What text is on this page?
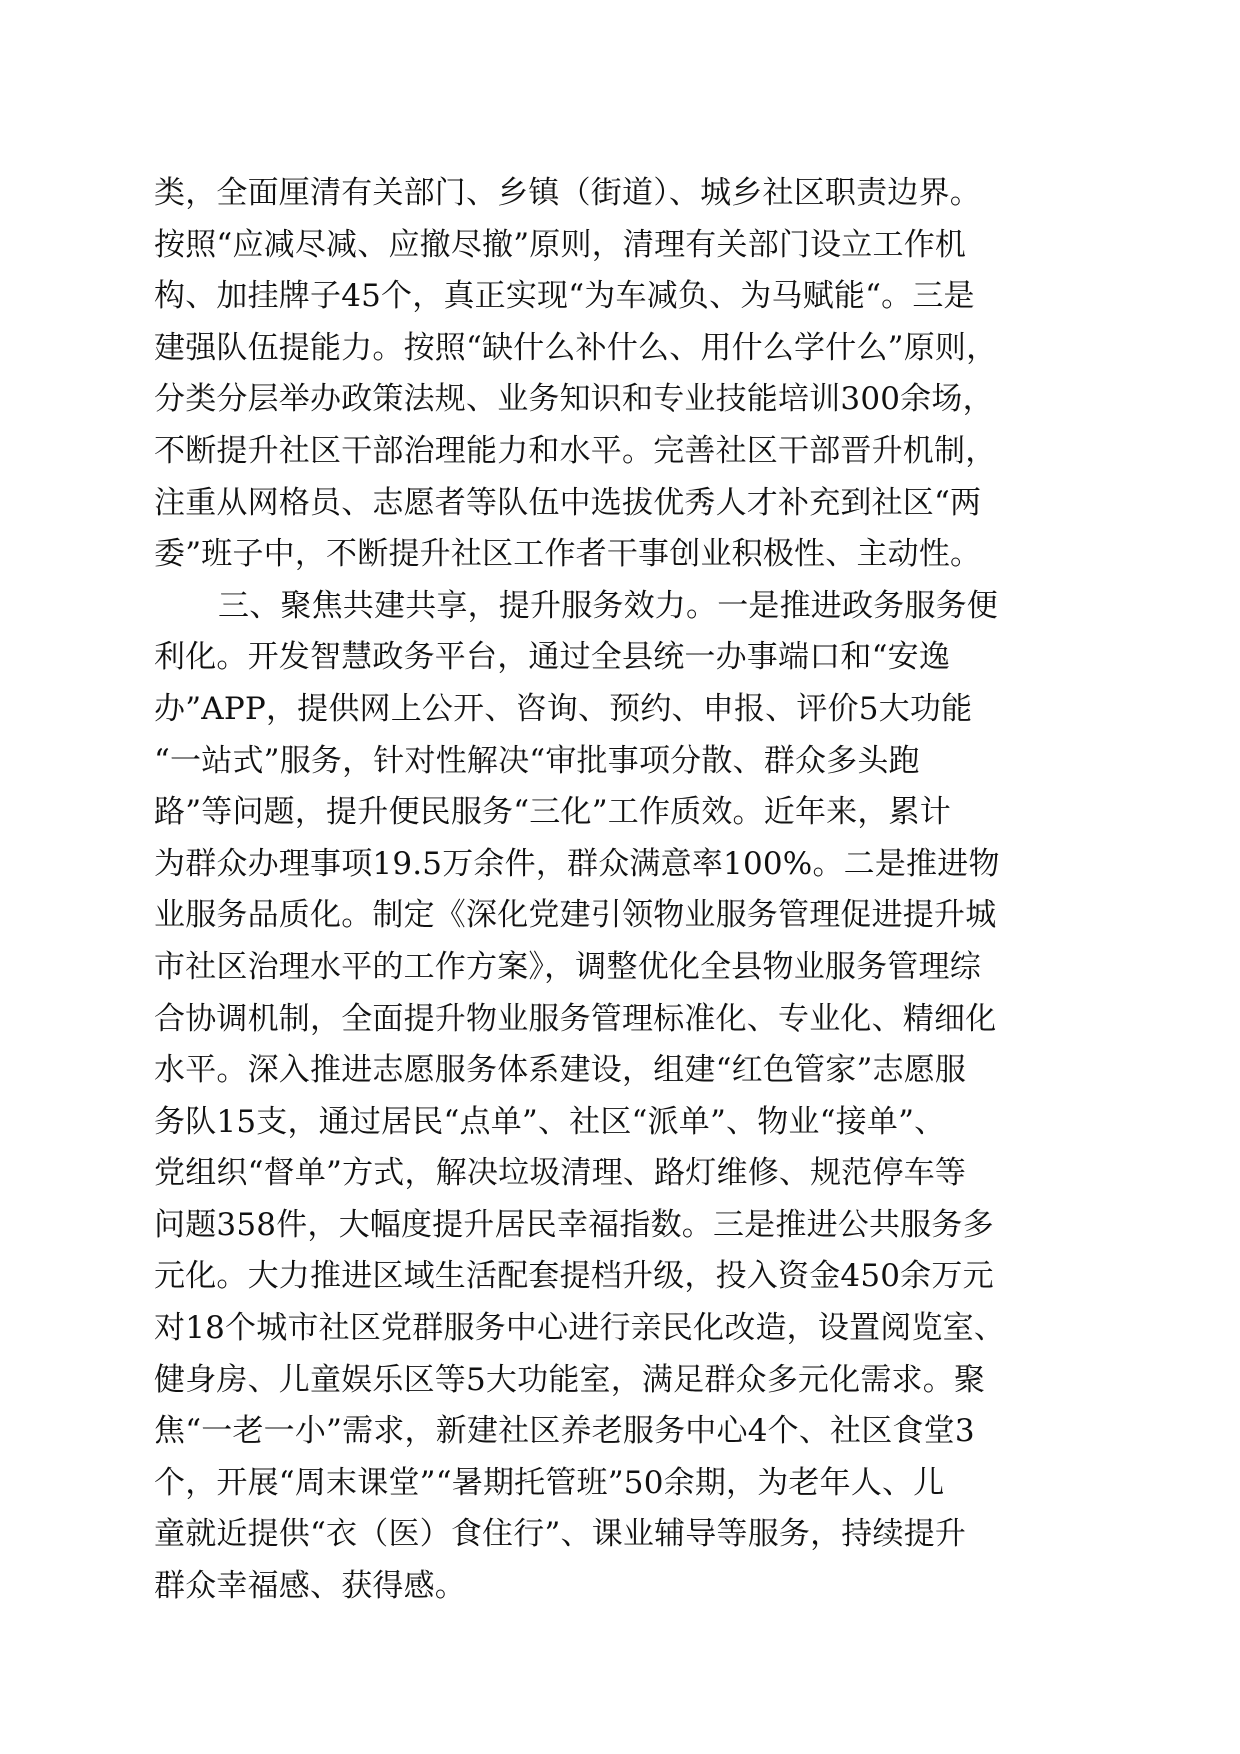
类，全面厘清有关部门、乡镇（街道）、城乡社区职责边界。
按照“应减尽减、应撤尽撤”原则，清理有关部门设立工作机
构、加挂牌子45个，真正实现“为车减负、为马赋能“。三是
建强队伍提能力。按照“缺什么补什么、用什么学什么”原则，
分类分层举办政策法规、业务知识和专业技能培训300余场，
不断提升社区干部治理能力和水平。完善社区干部晋升机制，
注重从网格员、志愿者等队伍中选拔优秀人才补充到社区“两
委”班子中，不断提升社区工作者干事创业积极性、主动性。
三、聚焦共建共享，提升服务效力。一是推进政务服务便
利化。开发智慧政务平台，通过全县统一办事端口和“安逸
办”APP，提供网上公开、咨询、预约、申报、评价5大功能
“一站式”服务，针对性解决“审批事项分散、群众多头跑
路”等问题，提升便民服务“三化”工作质效。近年来，累计
为群众办理事项19.5万余件，群众满意率100%。二是推进物
业服务品质化。制定《深化党建引领物业服务管理促进提升城
市社区治理水平的工作方案》，调整优化全县物业服务管理综
合协调机制，全面提升物业服务管理标准化、专业化、精细化
水平。深入推进志愿服务体系建设，组建“红色管家”志愿服
务队15支，通过居民“点单”、社区“派单”、物业“接单”、
党组织“督单”方式，解决垃圾清理、路灯维修、规范停车等
问题358件，大幅度提升居民幸福指数。三是推进公共服务多
元化。大力推进区域生活配套提档升级，投入资金450余万元
对18个城市社区党群服务中心进行亲民化改造，设置阅览室、
健身房、儿童娱乐区等5大功能室，满足群众多元化需求。聚
焦“一老一小”需求，新建社区养老服务中心4个、社区食堂3
个，开展“周末课堂”“暑期托管班”50余期，为老年人、儿
童就近提供“衣（医）食住行”、课业辅导等服务，持续提升
群众幸福感、获得感。
